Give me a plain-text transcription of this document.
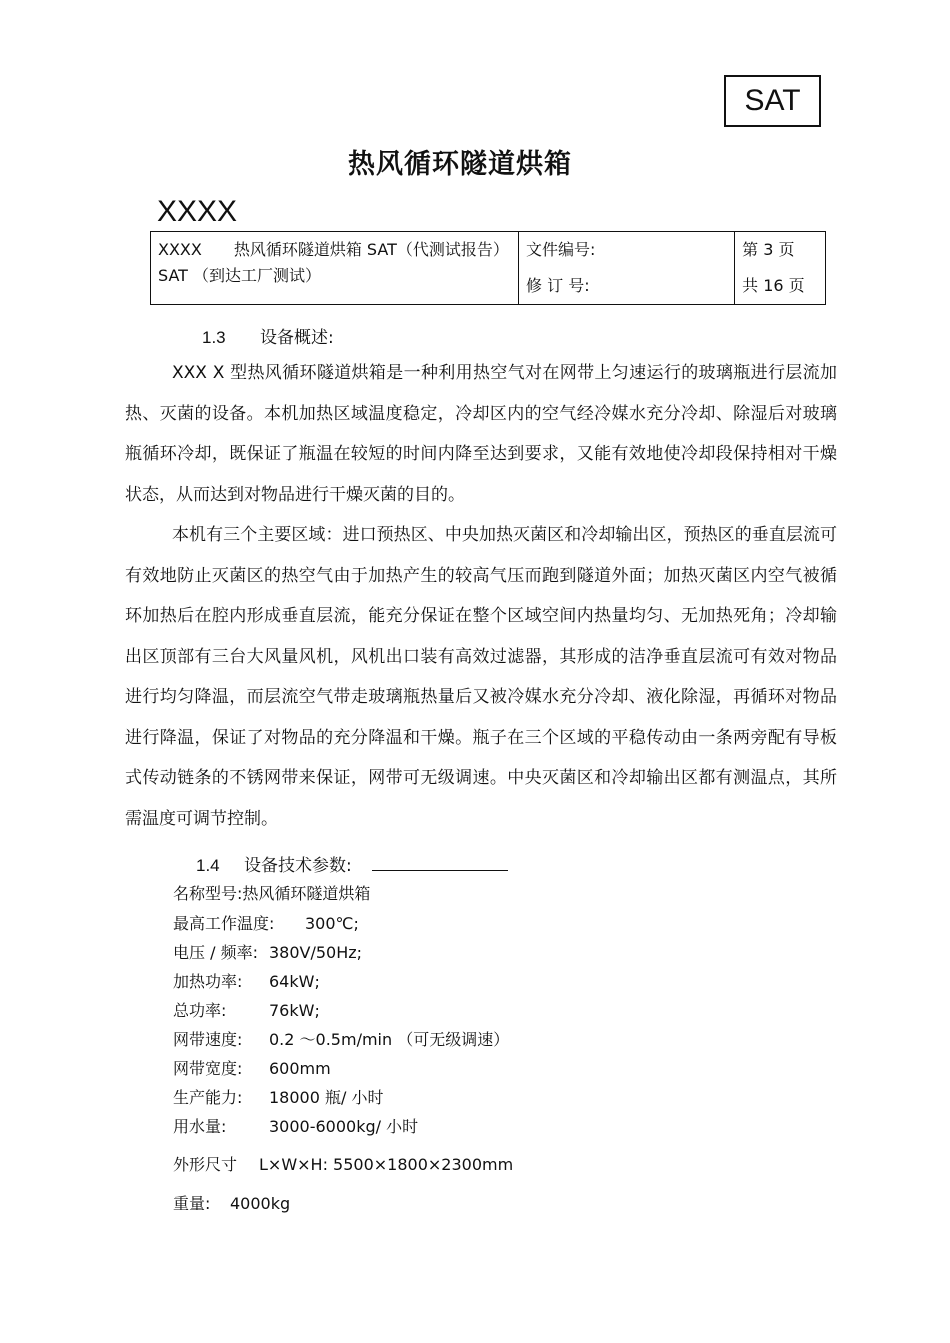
SAT
热风循环隧道烘箱
XXXX
XXXX　　热风循环隧道烘箱 SAT（代测试报告）SAT （到达工厂测试）	文件编号:	第 3 页
	修 订 号:	共 16 页
1.3 设备概述:

XXX X 型热风循环隧道烘箱是一种利用热空气对在网带上匀速运行的玻璃瓶进行层流加热、灭菌的设备。本机加热区域温度稳定，冷却区内的空气经冷媒水充分冷却、除湿后对玻璃瓶循环冷却，既保证了瓶温在较短的时间内降至达到要求，又能有效地使冷却段保持相对干燥状态，从而达到对物品进行干燥灭菌的目的。

本机有三个主要区域：进口预热区、中央加热灭菌区和冷却输出区，预热区的垂直层流可有效地防止灭菌区的热空气由于加热产生的较高气压而跑到隧道外面；加热灭菌区内空气被循环加热后在腔内形成垂直层流，能充分保证在整个区域空间内热量均匀、无加热死角；冷却输出区顶部有三台大风量风机，风机出口装有高效过滤器，其形成的洁净垂直层流可有效对物品进行均匀降温，而层流空气带走玻璃瓶热量后又被冷媒水充分冷却、液化除湿，再循环对物品进行降温，保证了对物品的充分降温和干燥。瓶子在三个区域的平稳传动由一条两旁配有导板式传动链条的不锈网带来保证，网带可无级调速。中央灭菌区和冷却输出区都有测温点，其所需温度可调节控制。

1.4 设备技术参数:
名称型号:热风循环隧道烘箱
最高工作温度: 300℃;
电压 / 频率: 380V/50Hz;
加热功率: 64kW;
总功率:	76kW;
网带速度: 0.2 ～0.5m/min （可无级调速）
网带宽度: 600mm
生产能力: 18000 瓶/ 小时
用水量:	3000-6000kg/ 小时
外形尺寸 L×W×H: 5500×1800×2300mm
重量: 4000kg
